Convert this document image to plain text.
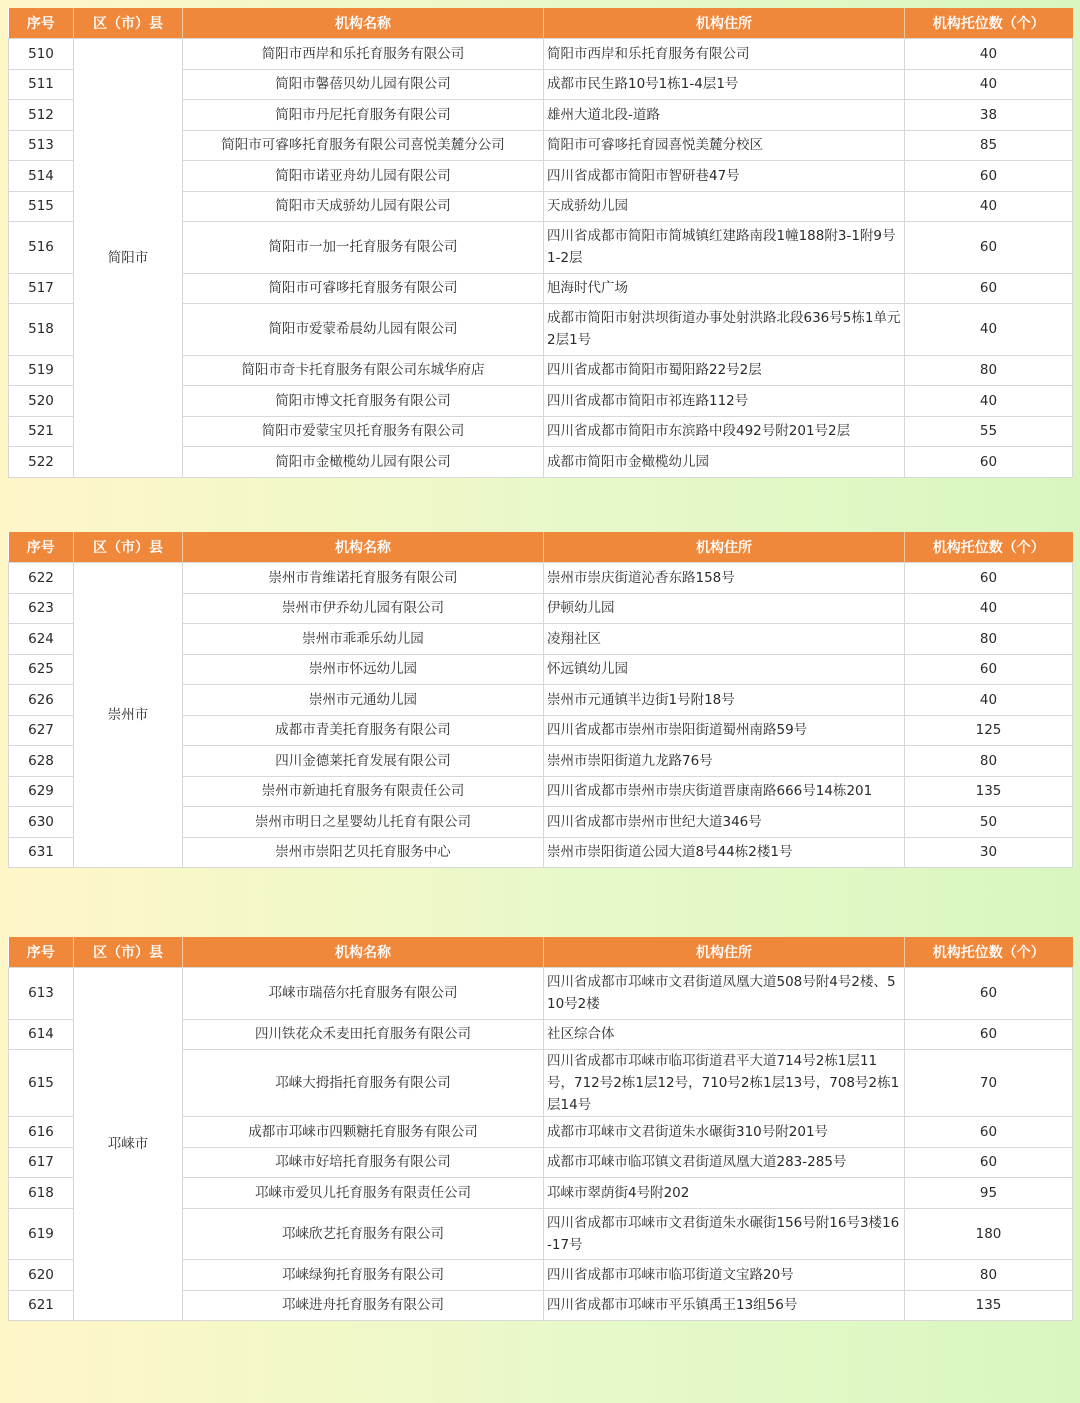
序号	区（市）县	机构名称	机构住所	机构托位数（个）
510	简阳市	简阳市西岸和乐托育服务有限公司	简阳市西岸和乐托育服务有限公司	40
511		简阳市馨蓓贝幼儿园有限公司	成都市民生路10号1栋1-4层1号	40
512		简阳市丹尼托育服务有限公司	雄州大道北段-道路	38
513		简阳市可睿哆托育服务有限公司喜悦美麓分公司	简阳市可睿哆托育园喜悦美麓分校区	85
514		简阳市诺亚舟幼儿园有限公司	四川省成都市简阳市智研巷47号	60
515		简阳市天成骄幼儿园有限公司	天成骄幼儿园	40
516		简阳市一加一托育服务有限公司	四川省成都市简阳市简城镇红建路南段1幢188附3-1附9号1-2层	60
517		简阳市可睿哆托育服务有限公司	旭海时代广场	60
518		简阳市爱蒙希晨幼儿园有限公司	成都市简阳市射洪坝街道办事处射洪路北段636号5栋1单元2层1号	40
519		简阳市奇卡托育服务有限公司东城华府店	四川省成都市简阳市蜀阳路22号2层	80
520		简阳市博文托育服务有限公司	四川省成都市简阳市祁连路112号	40
521		简阳市爱蒙宝贝托育服务有限公司	四川省成都市简阳市东滨路中段492号附201号2层	55
522		简阳市金橄榄幼儿园有限公司	成都市简阳市金橄榄幼儿园	60
序号	区（市）县	机构名称	机构住所	机构托位数（个）
622	崇州市	崇州市肯维诺托育服务有限公司	崇州市崇庆街道沁香东路158号	60
623		崇州市伊乔幼儿园有限公司	伊顿幼儿园	40
624		崇州市乖乖乐幼儿园	凌翔社区	80
625		崇州市怀远幼儿园	怀远镇幼儿园	60
626		崇州市元通幼儿园	崇州市元通镇半边街1号附18号	40
627		成都市青美托育服务有限公司	四川省成都市崇州市崇阳街道蜀州南路59号	125
628		四川金德莱托育发展有限公司	崇州市崇阳街道九龙路76号	80
629		崇州市新迪托育服务有限责任公司	四川省成都市崇州市崇庆街道晋康南路666号14栋201	135
630		崇州市明日之星婴幼儿托育有限公司	四川省成都市崇州市世纪大道346号	50
631		崇州市崇阳艺贝托育服务中心	崇州市崇阳街道公园大道8号44栋2楼1号	30
序号	区（市）县	机构名称	机构住所	机构托位数（个）
613	邛崃市	邛崃市瑞蓓尔托育服务有限公司	四川省成都市邛崃市文君街道凤凰大道508号附4号2楼、510号2楼	60
614		四川铁花众禾麦田托育服务有限公司	社区综合体	60
615		邛崃大拇指托育服务有限公司	四川省成都市邛崃市临邛街道君平大道714号2栋1层11号，712号2栋1层12号，710号2栋1层13号，708号2栋1层14号	70
616		成都市邛崃市四颗糖托育服务有限公司	成都市邛崃市文君街道朱水碾街310号附201号	60
617		邛崃市好培托育服务有限公司	成都市邛崃市临邛镇文君街道凤凰大道283-285号	60
618		邛崃市爱贝儿托育服务有限责任公司	邛崃市翠荫街4号附202	95
619		邛崃欣艺托育服务有限公司	四川省成都市邛崃市文君街道朱水碾街156号附16号3楼16-17号	180
620		邛崃绿狗托育服务有限公司	四川省成都市邛崃市临邛街道文宝路20号	80
621		邛崃进舟托育服务有限公司	四川省成都市邛崃市平乐镇禹王13组56号	135
